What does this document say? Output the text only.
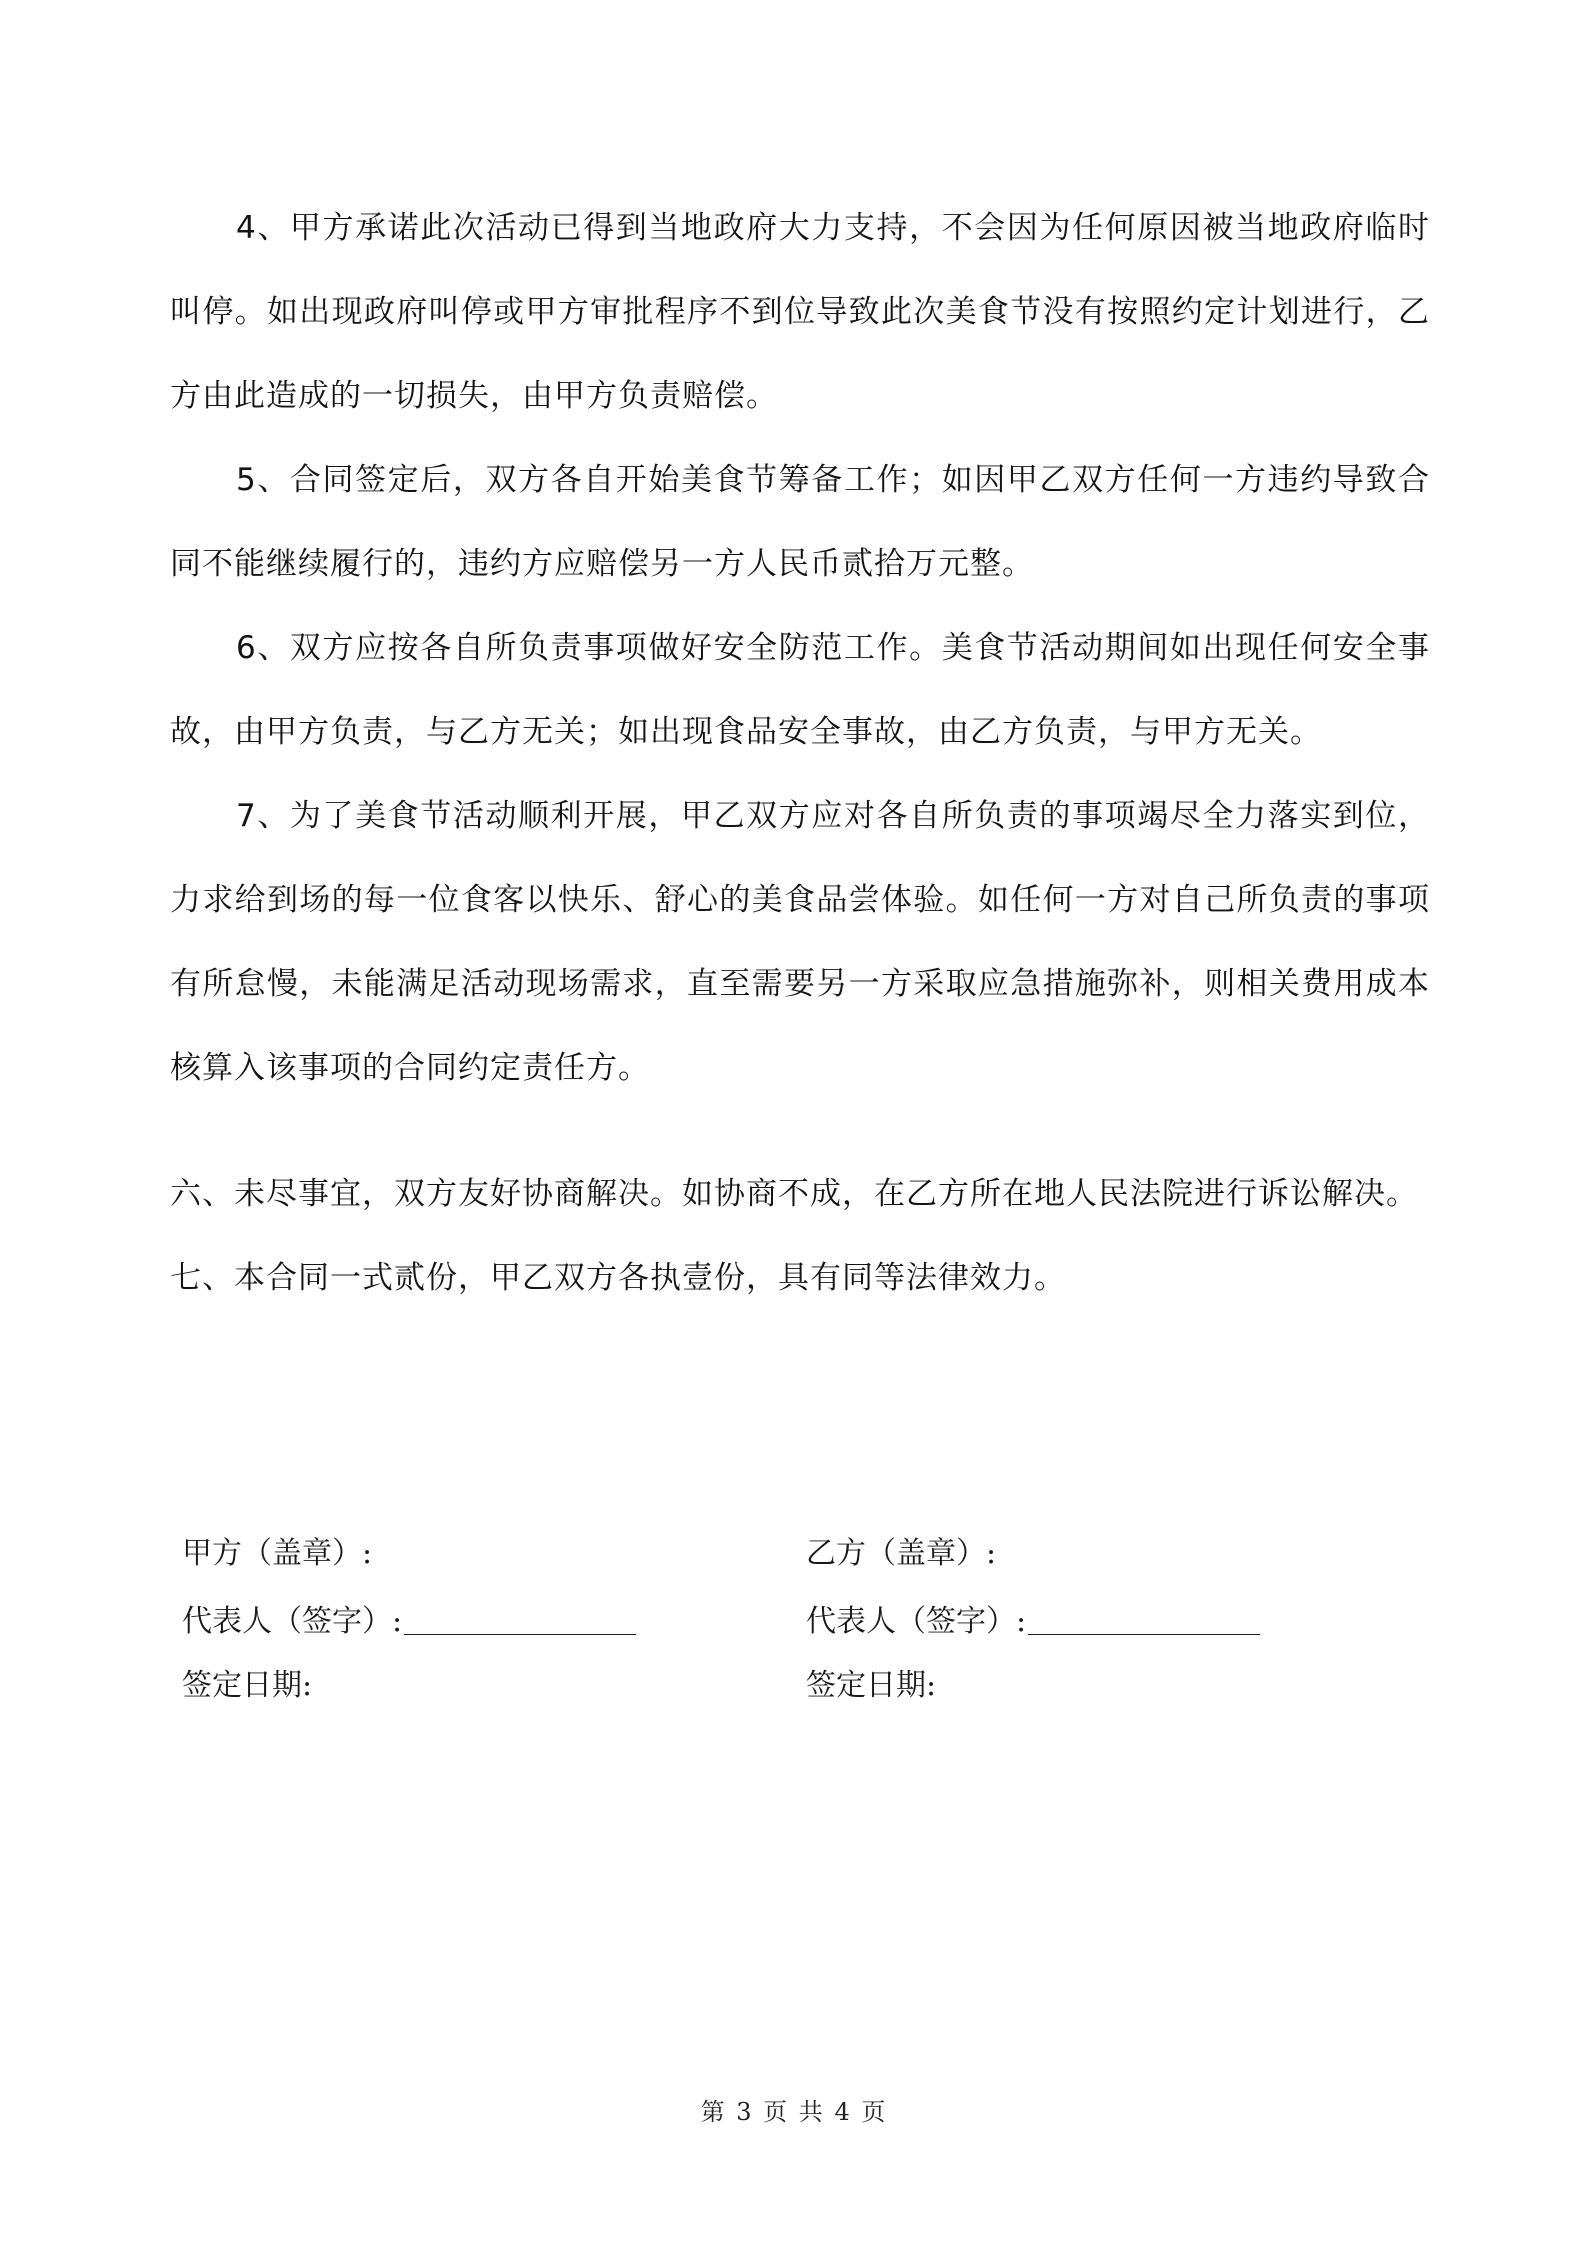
4、甲方承诺此次活动已得到当地政府大力支持，不会因为任何原因被当地政府临时叫停。如出现政府叫停或甲方审批程序不到位导致此次美食节没有按照约定计划进行，乙方由此造成的一切损失，由甲方负责赔偿。

5、合同签定后，双方各自开始美食节筹备工作；如因甲乙双方任何一方违约导致合同不能继续履行的，违约方应赔偿另一方人民币贰拾万元整。

6、双方应按各自所负责事项做好安全防范工作。美食节活动期间如出现任何安全事故，由甲方负责，与乙方无关；如出现食品安全事故，由乙方负责，与甲方无关。

7、为了美食节活动顺利开展，甲乙双方应对各自所负责的事项竭尽全力落实到位，力求给到场的每一位食客以快乐、舒心的美食品尝体验。如任何一方对自己所负责的事项有所怠慢，未能满足活动现场需求，直至需要另一方采取应急措施弥补，则相关费用成本核算入该事项的合同约定责任方。

六、未尽事宜，双方友好协商解决。如协商不成，在乙方所在地人民法院进行诉讼解决。

七、本合同一式贰份，甲乙双方各执壹份，具有同等法律效力。

甲方（盖章）:

代表人（签字）:

签定日期:

乙方（盖章）:

代表人（签字）:

签定日期:

第 3 页 共 4 页
